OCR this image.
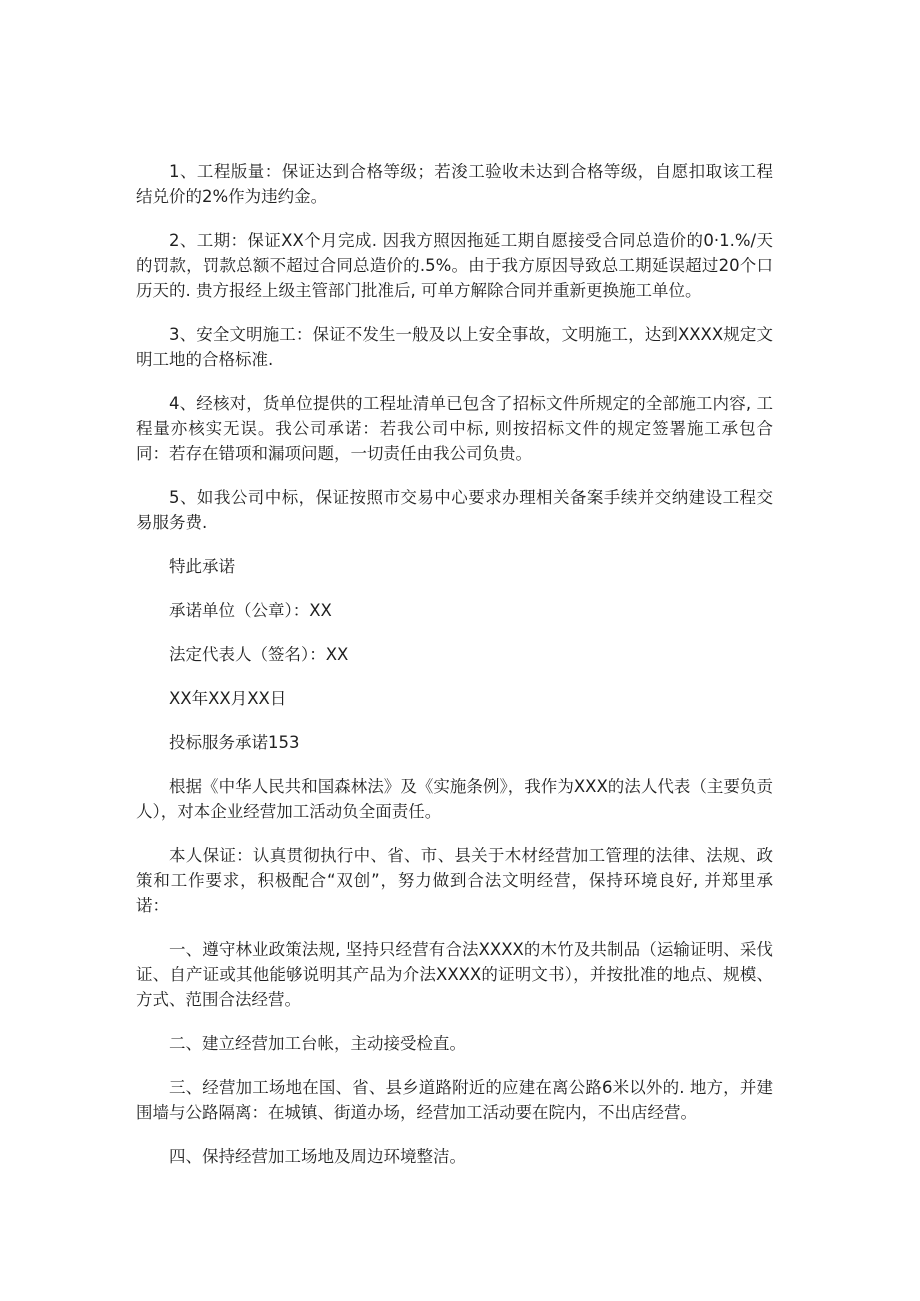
1、工程版量：保证达到合格等级；若浚工验收未达到合格等级，自愿扣取该工程结兑价的2%作为违约金。

2、工期：保证XX个月完成. 因我方照因拖延工期自愿接受合同总造价的0·1.%/天的罚款，罚款总额不超过合同总造价的.5%。由于我方原因导致总工期延误超过20个口历天的. 贵方报经上级主管部门批准后, 可单方解除合同并重新更换施工单位。

3、安全文明施工：保证不发生一般及以上安全事故，文明施工，达到XXXX规定文明工地的合格标准.

4、经核对，货单位提供的工程址清单已包含了招标文件所规定的全部施工内容, 工程量亦核实无误。我公司承诺：若我公司中标, 则按招标文件的规定签署施工承包合同：若存在错项和漏项问题，一切责任由我公司负贵。

5、如我公司中标，保证按照市交易中心要求办理相关备案手续并交纳建设工程交易服务费.

特此承诺

承诺单位（公章）：XX

法定代表人（签名）：XX

XX年XX月XX日

投标服务承诺153

根据《中华人民共和国森林法》及《实施条例》，我作为XXX的法人代表（主要负贡人），对本企业经营加工活动负全面责任。

本人保证：认真贯彻执行中、省、市、县关于木材经营加工管理的法律、法规、政策和工作要求，积极配合“双创”，努力做到合法文明经营，保持环境良好, 并郑里承诺：

一、遵守林业政策法规, 坚持只经营有合法XXXX的木竹及共制品（运输证明、采伐证、自产证或其他能够说明其产品为介法XXXX的证明文书），并按批准的地点、规模、方式、范围合法经营。

二、建立经营加工台帐，主动接受检直。

三、经营加工场地在国、省、县乡道路附近的应建在离公路6米以外的. 地方，并建围墙与公路隔离：在城镇、街道办场，经营加工活动要在院内，不出店经营。

四、保持经营加工场地及周边环境整洁。
